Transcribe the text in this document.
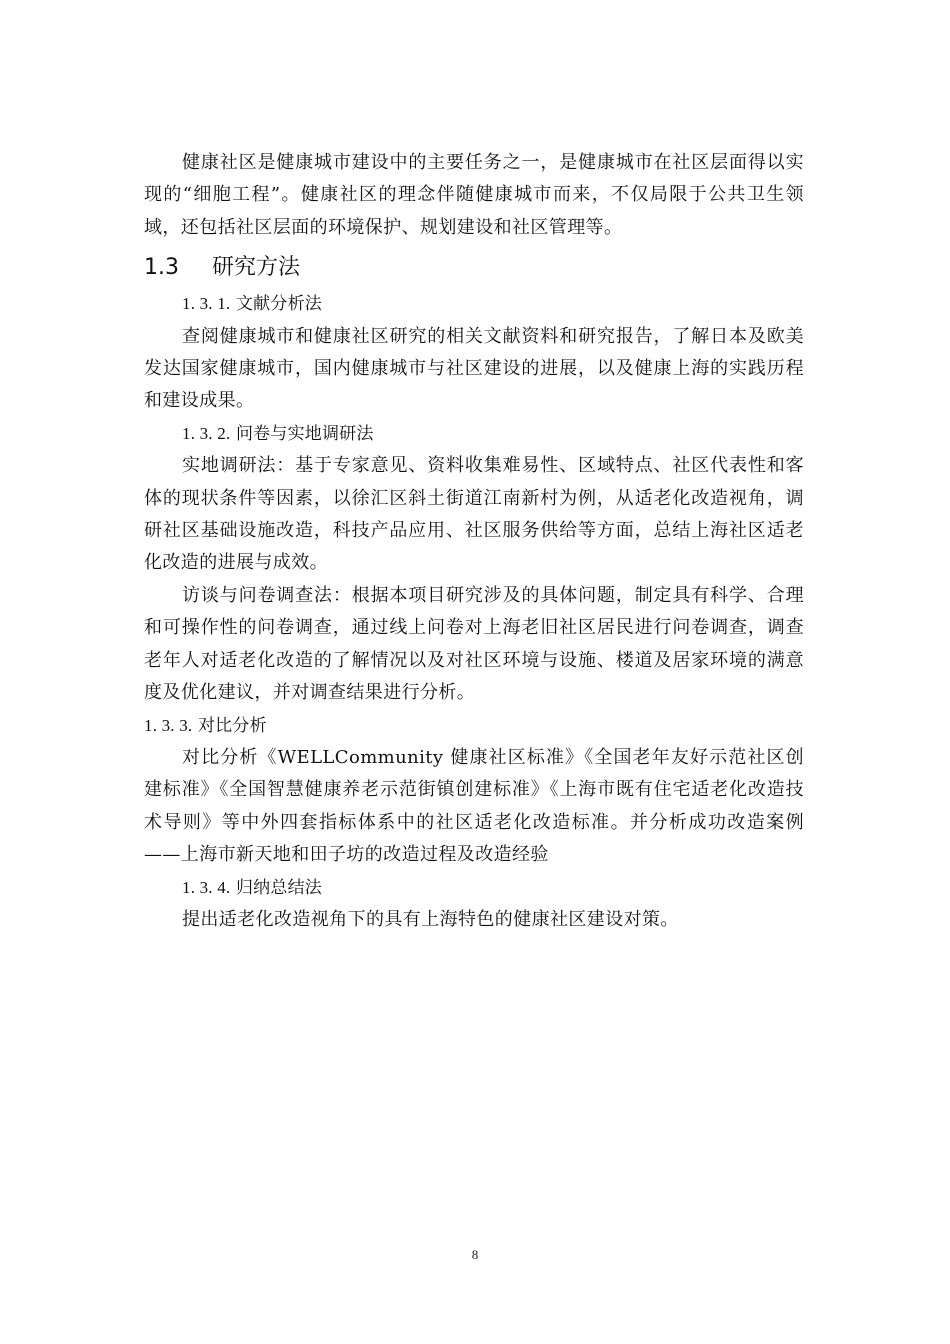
健康社区是健康城市建设中的主要任务之一，是健康城市在社区层面得以实现的“细胞工程”。健康社区的理念伴随健康城市而来，不仅局限于公共卫生领域，还包括社区层面的环境保护、规划建设和社区管理等。

1.3 研究方法
1. 3. 1. 文献分析法

查阅健康城市和健康社区研究的相关文献资料和研究报告，了解日本及欧美发达国家健康城市，国内健康城市与社区建设的进展，以及健康上海的实践历程和建设成果。

1. 3. 2. 问卷与实地调研法

实地调研法：基于专家意见、资料收集难易性、区域特点、社区代表性和客体的现状条件等因素，以徐汇区斜土街道江南新村为例，从适老化改造视角，调研社区基础设施改造，科技产品应用、社区服务供给等方面，总结上海社区适老化改造的进展与成效。

访谈与问卷调查法：根据本项目研究涉及的具体问题，制定具有科学、合理和可操作性的问卷调查，通过线上问卷对上海老旧社区居民进行问卷调查，调查老年人对适老化改造的了解情况以及对社区环境与设施、楼道及居家环境的满意度及优化建议，并对调查结果进行分析。

1. 3. 3. 对比分析

对比分析《WELLCommunity 健康社区标准》《全国老年友好示范社区创建标准》《全国智慧健康养老示范街镇创建标准》《上海市既有住宅适老化改造技术导则》等中外四套指标体系中的社区适老化改造标准。并分析成功改造案例——上海市新天地和田子坊的改造过程及改造经验

1. 3. 4. 归纳总结法

提出适老化改造视角下的具有上海特色的健康社区建设对策。

8
